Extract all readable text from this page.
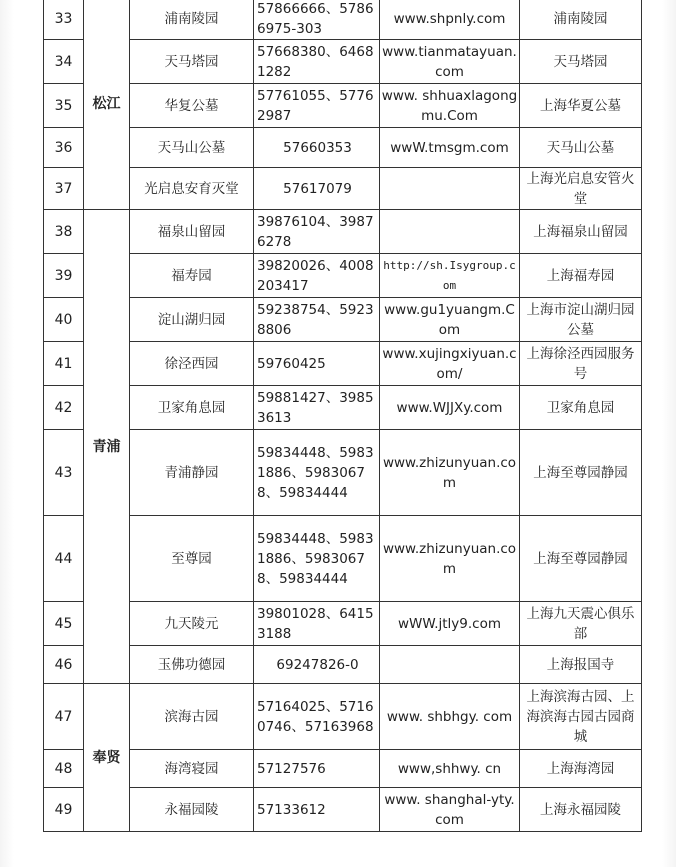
33	松江	浦南陵园	57866666、57866975-303	www.shpnly.com	浦南陵园
34		天马塔园	57668380、64681282	www.tianmatayuan.com	天马塔园
35		华复公墓	57761055、57762987	www. shhuaxlagongmu.Com	上海华夏公墓
36		天马山公墓	57660353	wwW.tmsgm.com	天马山公墓
37		光启息安育灭堂	57617079		上海光启息安管火堂
38	青浦	福泉山留园	39876104、39876278		上海福泉山留园
39		福寿园	39820026、4008203417	http://sh.Isygroup.com	上海福寿园
40		淀山湖归园	59238754、59238806	www.gu1yuangm.Com	上海市淀山湖归园公墓
41		徐泾西园	59760425	www.xujingxiyuan.com/	上海徐泾西园服务号
42		卫家角息园	59881427、39853613	www.WJJXy.com	卫家角息园
43		青浦静园	59834448、59831886、59830678、59834444	www.zhizunyuan.com	上海至尊园静园
44		至尊园	59834448、59831886、59830678、59834444	www.zhizunyuan.com	上海至尊园静园
45		九天陵元	39801028、64153188	wWW.jtly9.com	上海九天震心俱乐部
46		玉佛功德园	69247826-0		上海报国寺
47	奉贤	滨海古园	57164025、57160746、57163968	www. shbhgy. com	上海滨海古园、上海滨海古园古园商城
48		海湾寝园	57127576	www,shhwy. cn	上海海湾园
49		永福园陵	57133612	www. shanghal-yty.com	上海永福园陵
